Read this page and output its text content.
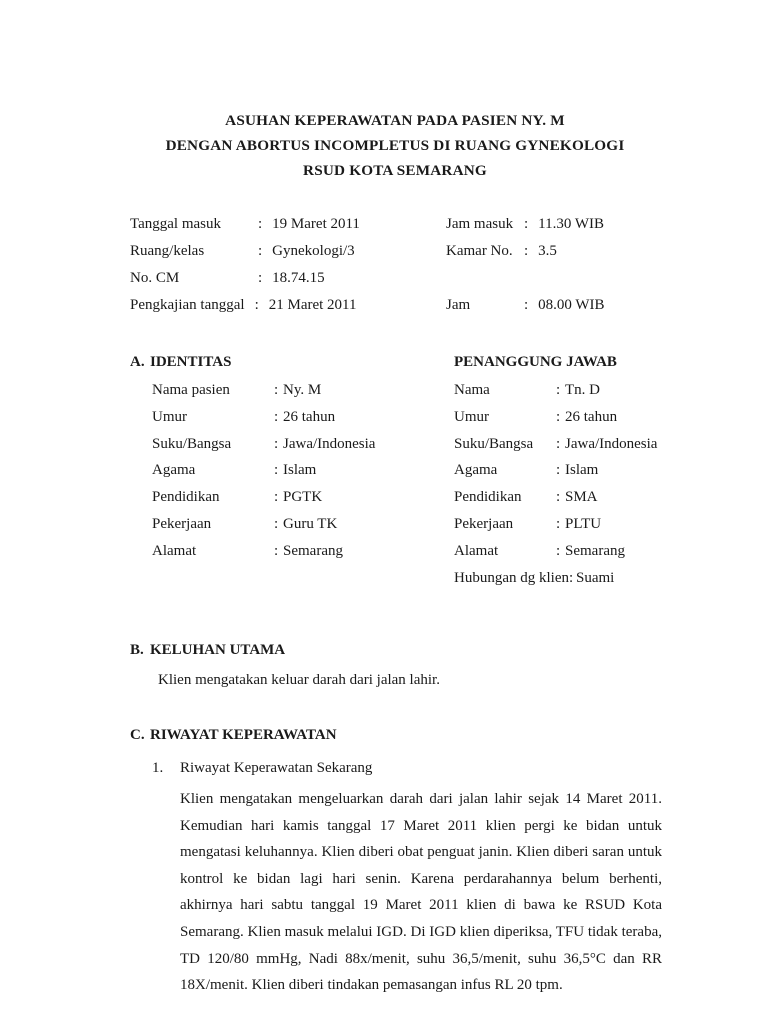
ASUHAN KEPERAWATAN PADA PASIEN NY. M
DENGAN ABORTUS INCOMPLETUS DI RUANG GYNEKOLOGI
RSUD KOTA SEMARANG
Tanggal masuk : 19 Maret 2011	Jam masuk : 11.30 WIB
Ruang/kelas	: Gynekologi/3	Kamar No. : 3.5
No. CM	: 18.74.15
Pengkajian tanggal : 21 Maret 2011	Jam	: 08.00 WIB
A. IDENTITAS	PENANGGUNG JAWAB
Nama pasien	: Ny. M
Umur	: 26 tahun
Suku/Bangsa	: Jawa/Indonesia
Agama	: Islam
Pendidikan	: PGTK
Pekerjaan	: Guru TK
Alamat	: Semarang
Nama	: Tn. D
Umur	: 26 tahun
Suku/Bangsa : Jawa/Indonesia
Agama	: Islam
Pendidikan : SMA
Pekerjaan	: PLTU
Alamat	: Semarang
Hubungan dg klien: Suami
B. KELUHAN UTAMA
Klien mengatakan keluar darah dari jalan lahir.
C. RIWAYAT KEPERAWATAN
1. Riwayat Keperawatan Sekarang
Klien mengatakan mengeluarkan darah dari jalan lahir sejak 14 Maret 2011. Kemudian hari kamis tanggal 17 Maret 2011 klien pergi ke bidan untuk mengatasi keluhannya. Klien diberi obat penguat janin. Klien diberi saran untuk kontrol ke bidan lagi hari senin. Karena perdarahannya belum berhenti, akhirnya hari sabtu tanggal 19 Maret 2011 klien di bawa ke RSUD Kota Semarang. Klien masuk melalui IGD. Di IGD klien diperiksa, TFU tidak teraba, TD 120/80 mmHg, Nadi 88x/menit, suhu 36,5/menit, suhu 36,5°C dan RR 18X/menit. Klien diberi tindakan pemasangan infus RL 20 tpm.
